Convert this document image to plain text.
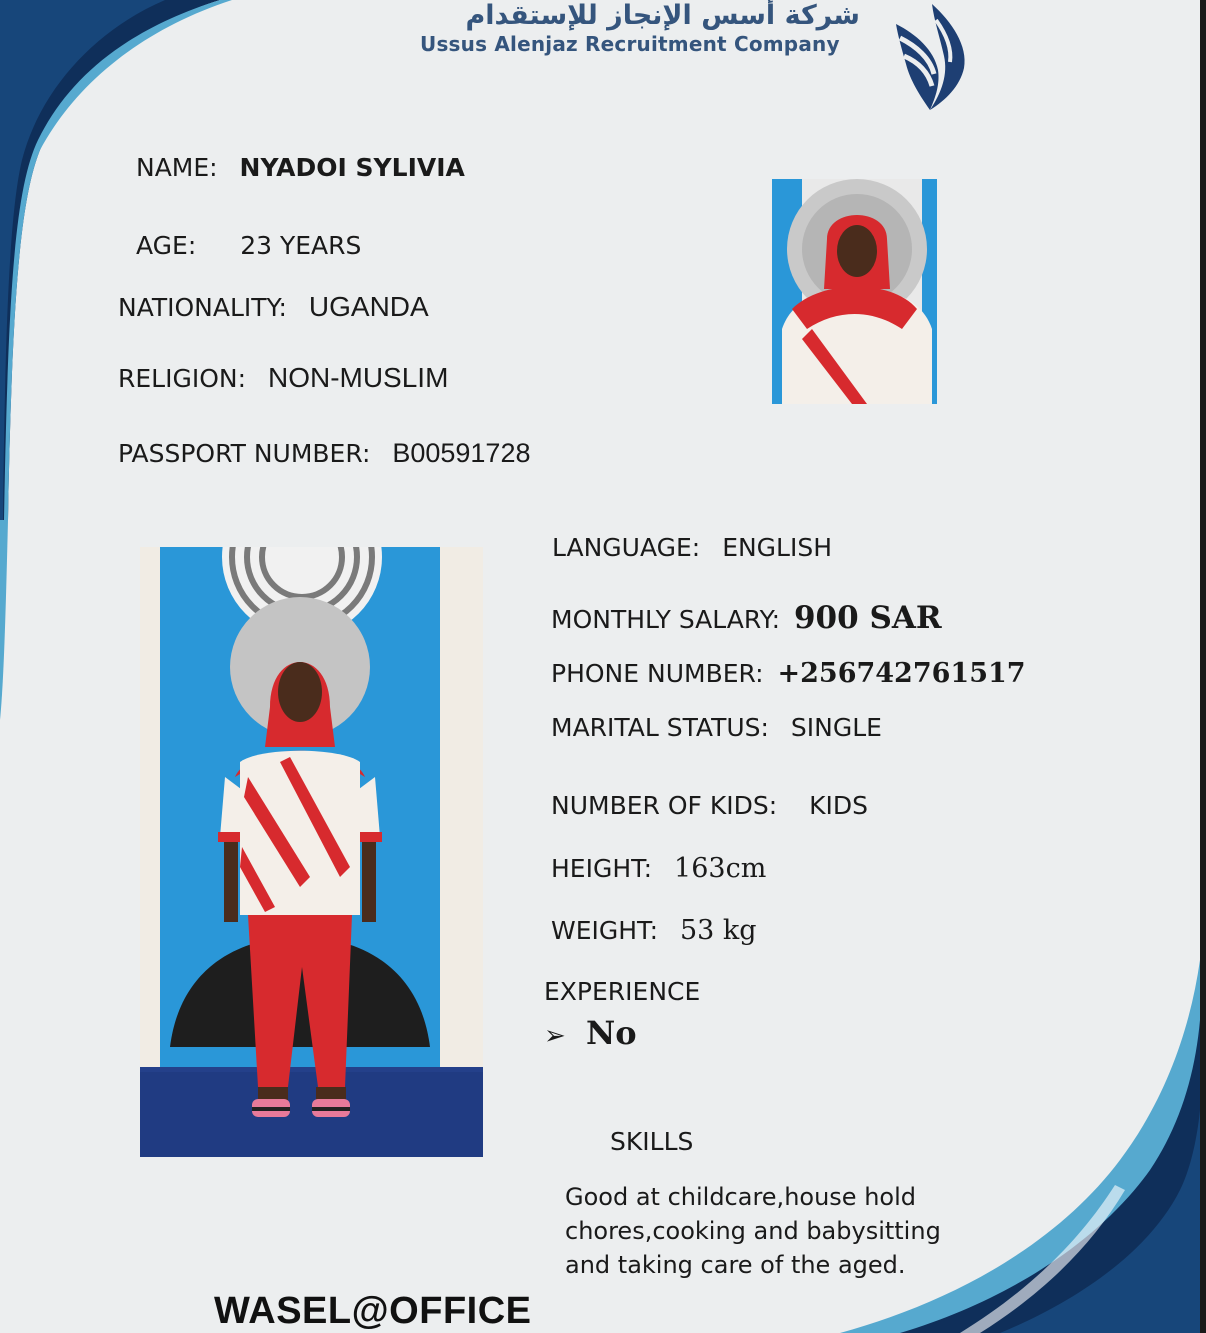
شركة أسس الإنجاز للإستقدام
Ussus Alenjaz Recruitment Company
NAME: NYADOI SYLIVIA
AGE: 23 YEARS
NATIONALITY: UGANDA
RELIGION: NON-MUSLIM
PASSPORT NUMBER: B00591728
LANGUAGE: ENGLISH
MONTHLY SALARY: 900 SAR
PHONE NUMBER: +256742761517
MARITAL STATUS: SINGLE
NUMBER OF KIDS: KIDS
HEIGHT: 163cm
WEIGHT: 53 kg
EXPERIENCE
➢ No
SKILLS
Good at childcare,house hold chores,cooking and babysitting and taking care of the aged.
WASEL@OFFICE
